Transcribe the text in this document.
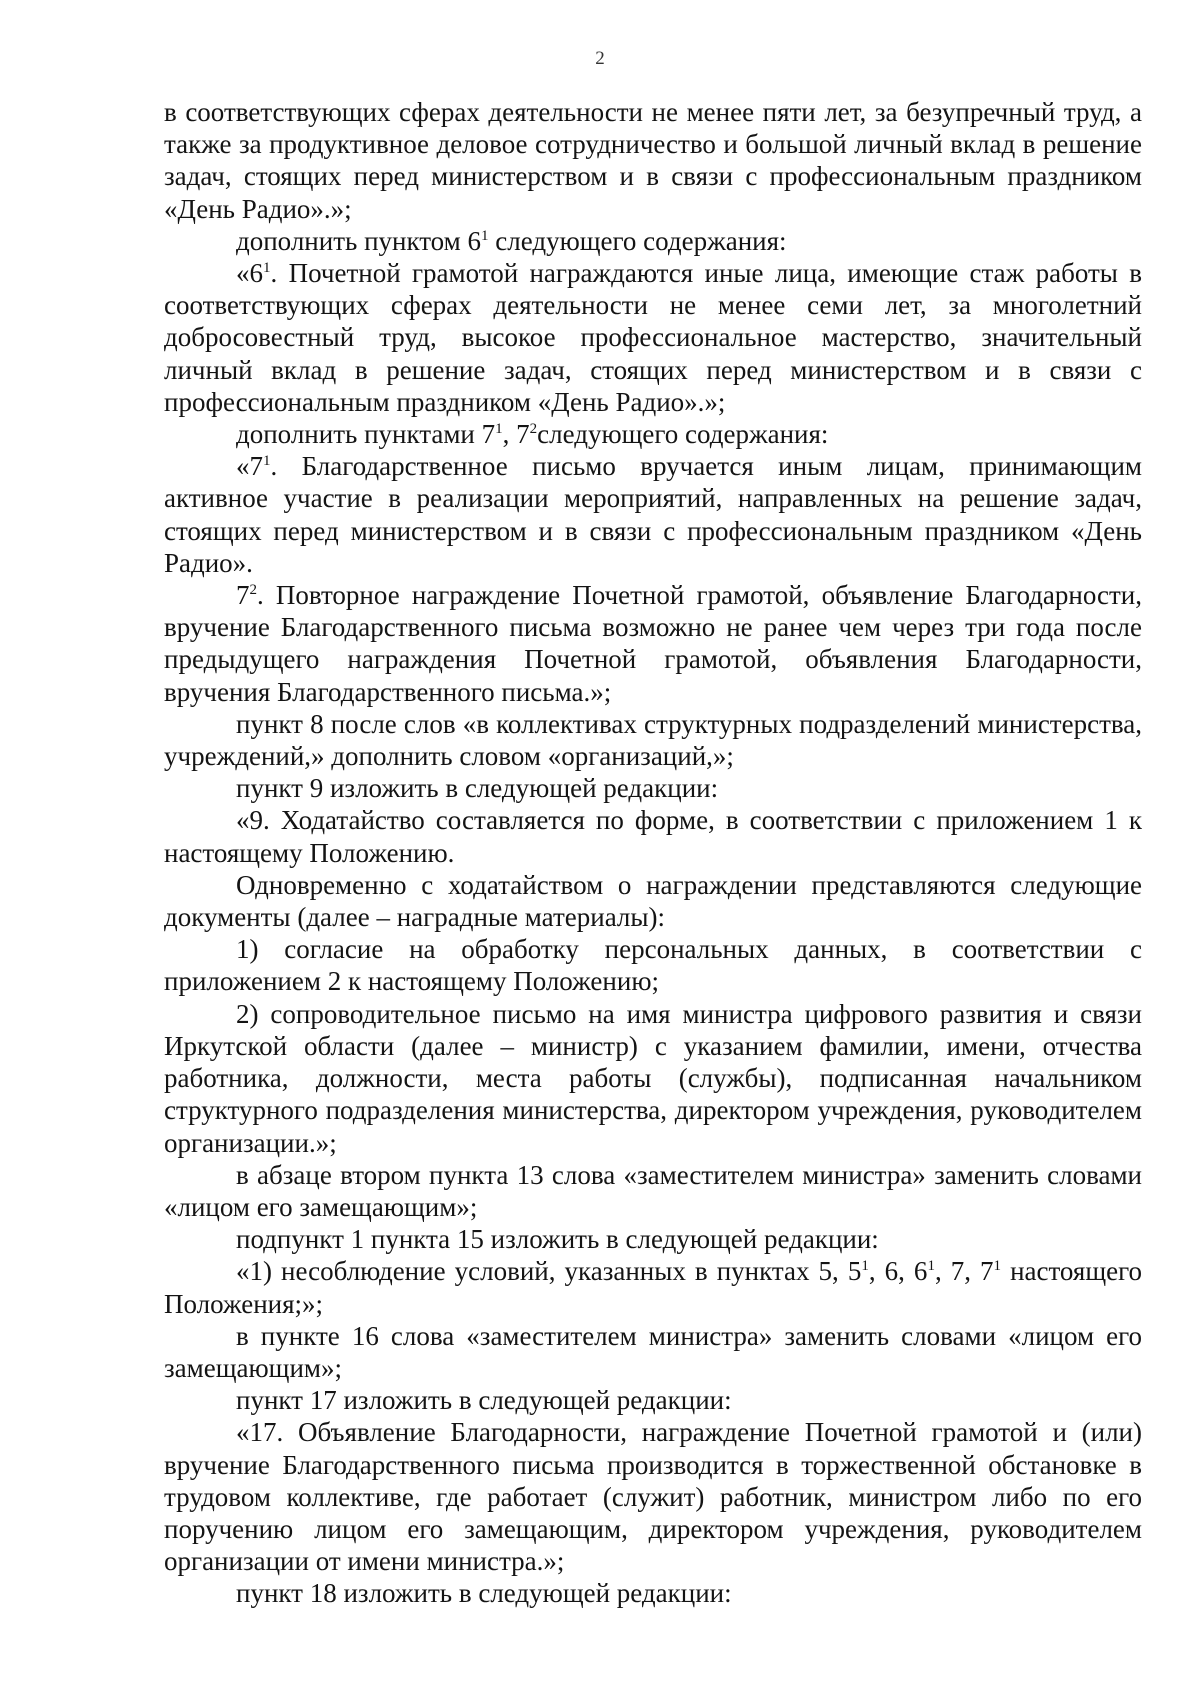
2

в соответствующих сферах деятельности не менее пяти лет, за безупречный труд, а также за продуктивное деловое сотрудничество и большой личный вклад в решение задач, стоящих перед министерством и в связи с профессиональным праздником «День Радио».»;

дополнить пунктом $6^1$ следующего содержания:

«$6^1$. Почетной грамотой награждаются иные лица, имеющие стаж работы в соответствующих сферах деятельности не менее семи лет, за многолетний добросовестный труд, высокое профессиональное мастерство, значительный личный вклад в решение задач, стоящих перед министерством и в связи с профессиональным праздником «День Радио».»;

дополнить пунктами $7^1$, $7^2следующего$ содержания:

«$7^1$. Благодарственное письмо вручается иным лицам, принимающим активное участие в реализации мероприятий, направленных на решение задач, стоящих перед министерством и в связи с профессиональным праздником «День Радио».

$7^2$. Повторное награждение Почетной грамотой, объявление Благодарности, вручение Благодарственного письма возможно не ранее чем через три года после предыдущего награждения Почетной грамотой, объявления Благодарности, вручения Благодарственного письма.»;

пункт 8 после слов «в коллективах структурных подразделений министерства, учреждений,» дополнить словом «организаций,»;

пункт 9 изложить в следующей редакции:

«9. Ходатайство составляется по форме, в соответствии с приложением 1 к настоящему Положению.

Одновременно с ходатайством о награждении представляются следующие документы (далее – наградные материалы):

1) согласие на обработку персональных данных, в соответствии с приложением 2 к настоящему Положению;

2) сопроводительное письмо на имя министра цифрового развития и связи Иркутской области (далее – министр) с указанием фамилии, имени, отчества работника, должности, места работы (службы), подписанная начальником структурного подразделения министерства, директором учреждения, руководителем организации.»;

в абзаце втором пункта 13 слова «заместителем министра» заменить словами «лицом его замещающим»;

подпункт 1 пункта 15 изложить в следующей редакции:

«1) несоблюдение условий, указанных в пунктах 5, $5^1$, 6, $6^1$, 7, $7^1$ настоящего Положения;»;

в пункте 16 слова «заместителем министра» заменить словами «лицом его замещающим»;

пункт 17 изложить в следующей редакции:

«17. Объявление Благодарности, награждение Почетной грамотой и (или) вручение Благодарственного письма производится в торжественной обстановке в трудовом коллективе, где работает (служит) работник, министром либо по его поручению лицом его замещающим, директором учреждения, руководителем организации от имени министра.»;

пункт 18 изложить в следующей редакции:
